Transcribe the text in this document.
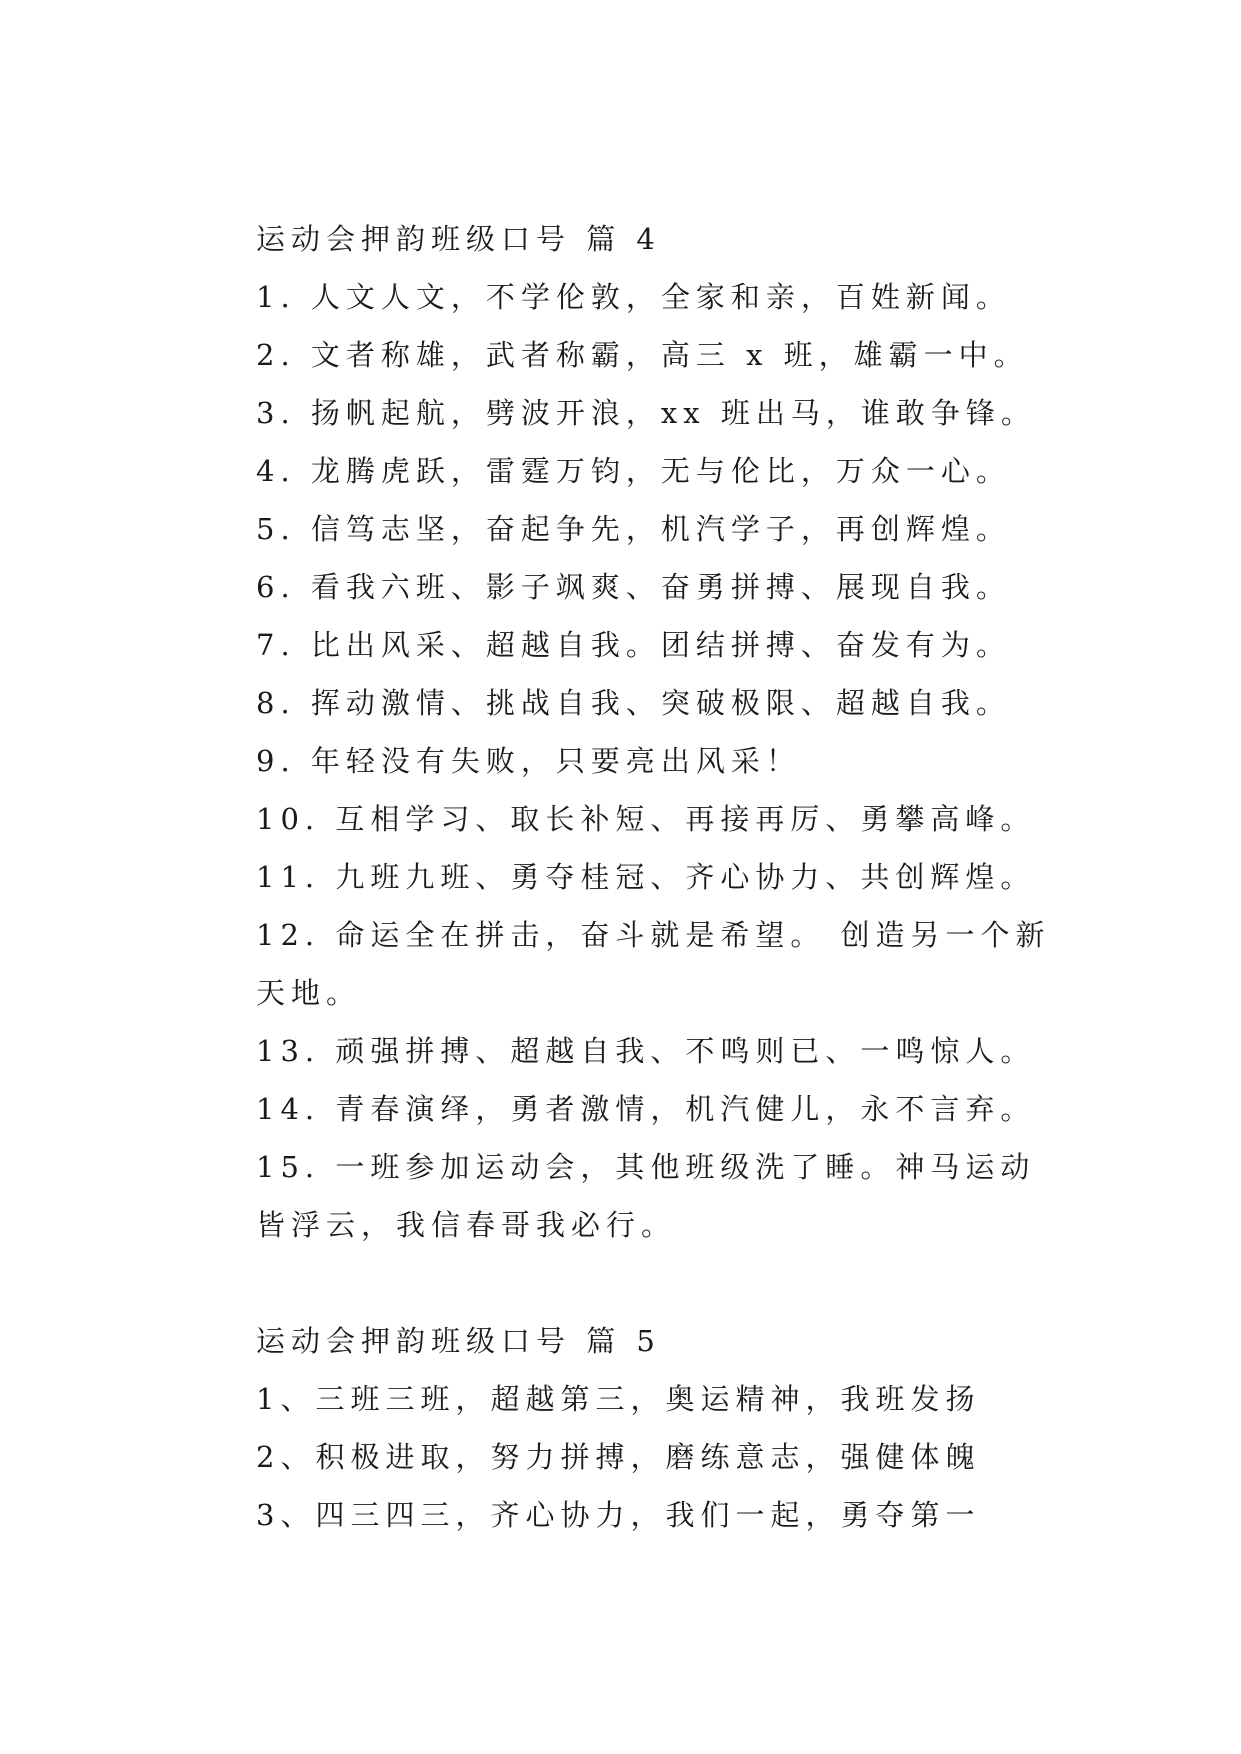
运动会押韵班级口号 篇 4

1. 人文人文，不学伦敦，全家和亲，百姓新闻。

2. 文者称雄，武者称霸，高三 x 班，雄霸一中。

3. 扬帆起航，劈波开浪，xx 班出马，谁敢争锋。

4. 龙腾虎跃，雷霆万钧，无与伦比，万众一心。

5. 信笃志坚，奋起争先，机汽学子，再创辉煌。

6. 看我六班、影子飒爽、奋勇拼搏、展现自我。

7. 比出风采、超越自我。团结拼搏、奋发有为。

8. 挥动激情、挑战自我、突破极限、超越自我。

9. 年轻没有失败，只要亮出风采！

10. 互相学习、取长补短、再接再厉、勇攀高峰。

11. 九班九班、勇夺桂冠、齐心协力、共创辉煌。

12. 命运全在拼击，奋斗就是希望。 创造另一个新天地。

13. 顽强拼搏、超越自我、不鸣则已、一鸣惊人。

14. 青春演绎，勇者激情，机汽健儿，永不言弃。

15. 一班参加运动会，其他班级洗了睡。神马运动皆浮云，我信春哥我必行。

运动会押韵班级口号 篇 5

1、三班三班，超越第三，奥运精神，我班发扬

2、积极进取，努力拼搏，磨练意志，强健体魄

3、四三四三，齐心协力，我们一起，勇夺第一
